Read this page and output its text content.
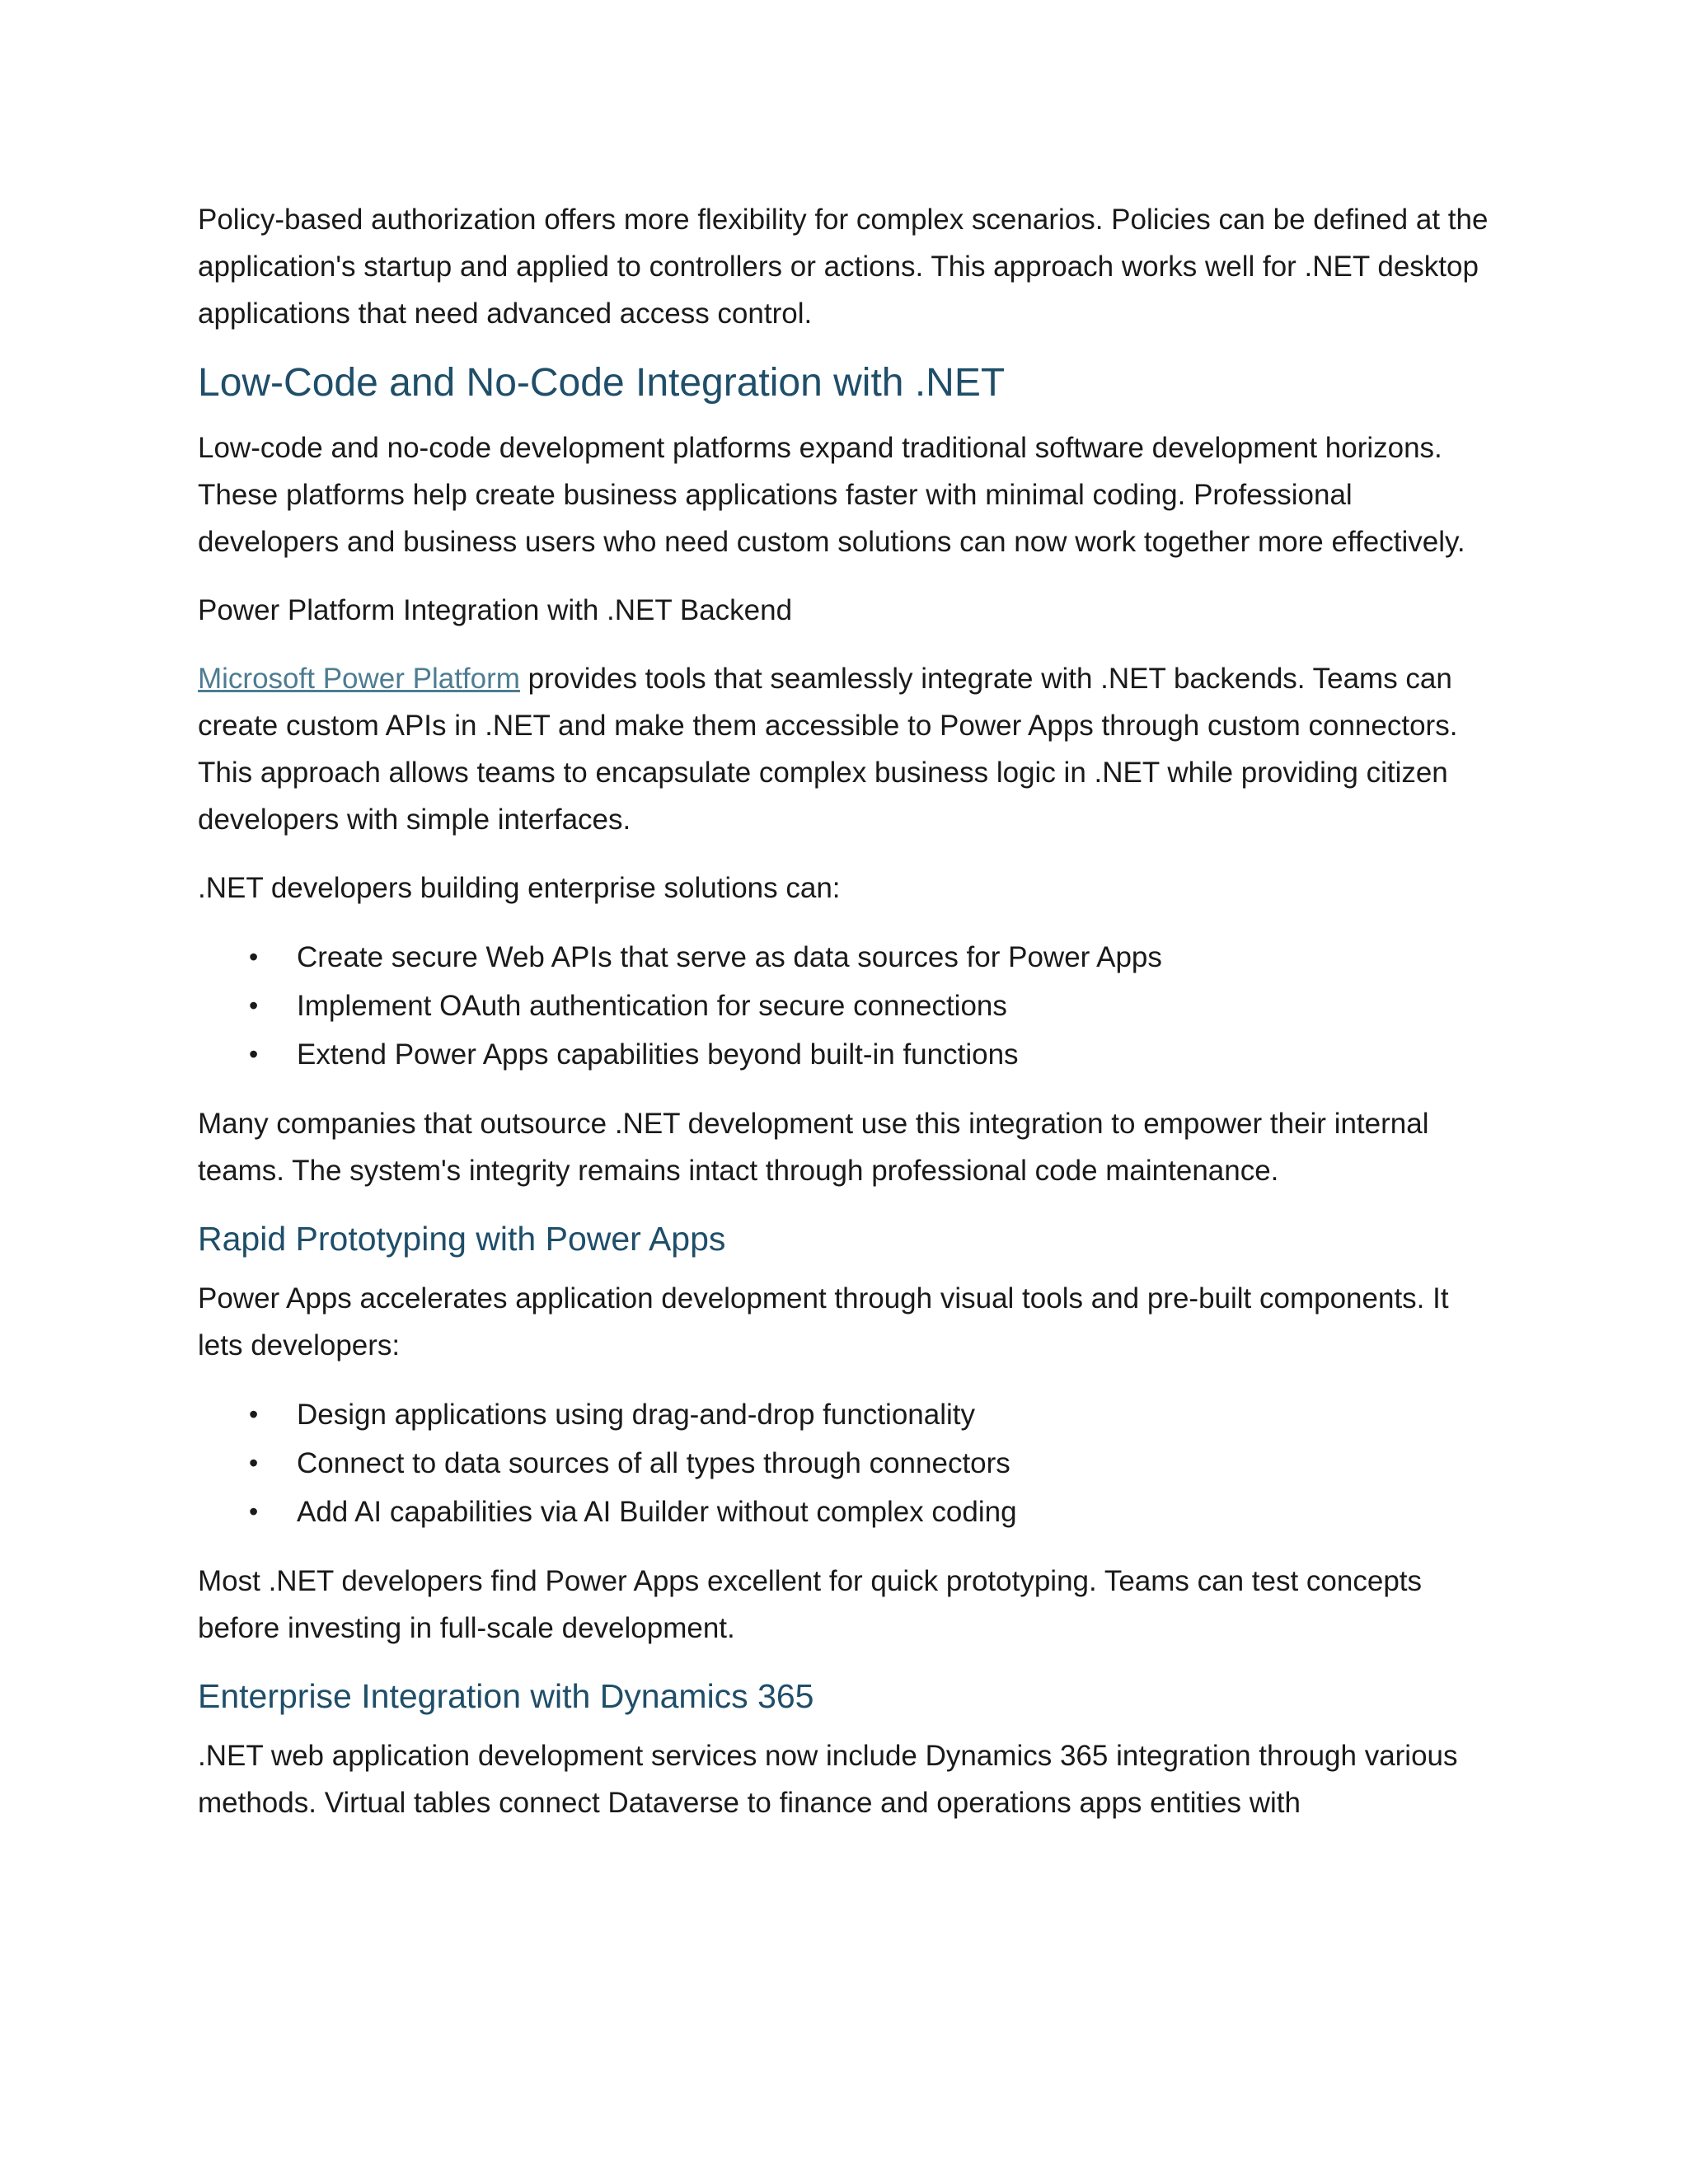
Policy-based authorization offers more flexibility for complex scenarios. Policies can be defined at the application's startup and applied to controllers or actions. This approach works well for .NET desktop applications that need advanced access control.

Low-Code and No-Code Integration with .NET

Low-code and no-code development platforms expand traditional software development horizons. These platforms help create business applications faster with minimal coding. Professional developers and business users who need custom solutions can now work together more effectively.

Power Platform Integration with .NET Backend

Microsoft Power Platform provides tools that seamlessly integrate with .NET backends. Teams can create custom APIs in .NET and make them accessible to Power Apps through custom connectors. This approach allows teams to encapsulate complex business logic in .NET while providing citizen developers with simple interfaces.

.NET developers building enterprise solutions can:

• Create secure Web APIs that serve as data sources for Power Apps
• Implement OAuth authentication for secure connections
• Extend Power Apps capabilities beyond built-in functions

Many companies that outsource .NET development use this integration to empower their internal teams. The system's integrity remains intact through professional code maintenance.

Rapid Prototyping with Power Apps

Power Apps accelerates application development through visual tools and pre-built components. It lets developers:

• Design applications using drag-and-drop functionality
• Connect to data sources of all types through connectors
• Add AI capabilities via AI Builder without complex coding

Most .NET developers find Power Apps excellent for quick prototyping. Teams can test concepts before investing in full-scale development.

Enterprise Integration with Dynamics 365

.NET web application development services now include Dynamics 365 integration through various methods. Virtual tables connect Dataverse to finance and operations apps entities with
